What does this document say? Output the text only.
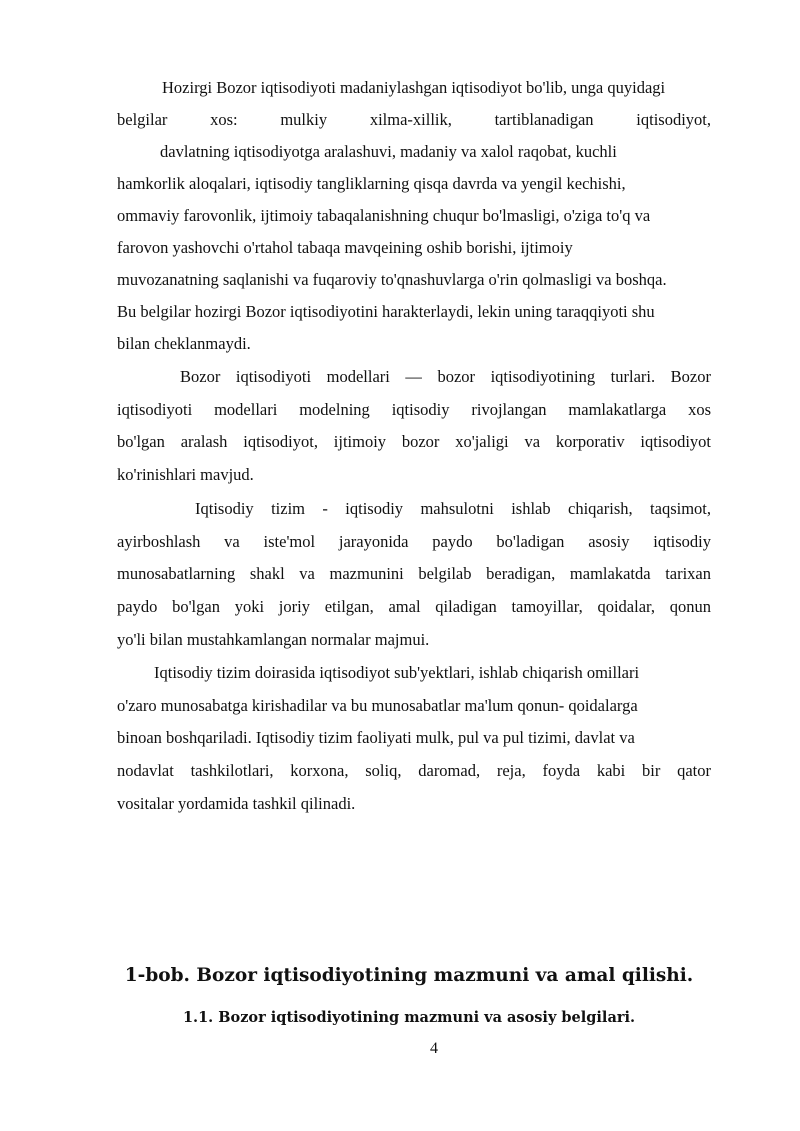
Hozirgi Bozor iqtisodiyoti madaniylashgan iqtisodiyot bo'lib, unga quyidagi
belgilar xos: mulkiy xilma-xillik, tartiblanadigan iqtisodiyot,
davlatning iqtisodiyotga aralashuvi, madaniy va xalol raqobat, kuchli
hamkorlik aloqalari, iqtisodiy tangliklarning qisqa davrda va yengil kechishi,
ommaviy farovonlik, ijtimoiy tabaqalanishning chuqur bo'lmasligi, o'ziga to'q va
farovon yashovchi o'rtahol tabaqa mavqeining oshib borishi, ijtimoiy
muvozanatning saqlanishi va fuqaroviy to'qnashuvlarga o'rin qolmasligi va boshqa.
Bu belgilar hozirgi Bozor iqtisodiyotini harakterlaydi, lekin uning taraqqiyoti shu
bilan cheklanmaydi.
Bozor iqtisodiyoti modellari — bozor iqtisodiyotining turlari. Bozor
iqtisodiyoti modellari modelning iqtisodiy rivojlangan mamlakatlarga xos
bo'lgan aralash iqtisodiyot, ijtimoiy bozor xo'jaligi va korporativ iqtisodiyot
ko'rinishlari mavjud.
Iqtisodiy tizim - iqtisodiy mahsulotni ishlab chiqarish, taqsimot,
ayirboshlash va iste'mol jarayonida paydo bo'ladigan asosiy iqtisodiy
munosabatlarning shakl va mazmunini belgilab beradigan, mamlakatda tarixan
paydo bo'lgan yoki joriy etilgan, amal qiladigan tamoyillar, qoidalar, qonun
yo'li bilan mustahkamlangan normalar majmui.
Iqtisodiy tizim doirasida iqtisodiyot sub'yektlari, ishlab chiqarish omillari
o'zaro munosabatga kirishadilar va bu munosabatlar ma'lum qonun- qoidalarga
binoan boshqariladi. Iqtisodiy tizim faoliyati mulk, pul va pul tizimi, davlat va
nodavlat tashkilotlari, korxona, soliq, daromad, reja, foyda kabi bir qator
vositalar yordamida tashkil qilinadi.
1-bob. Bozor iqtisodiyotining mazmuni va amal qilishi.
1.1. Bozor iqtisodiyotining mazmuni va asosiy belgilari.
4
